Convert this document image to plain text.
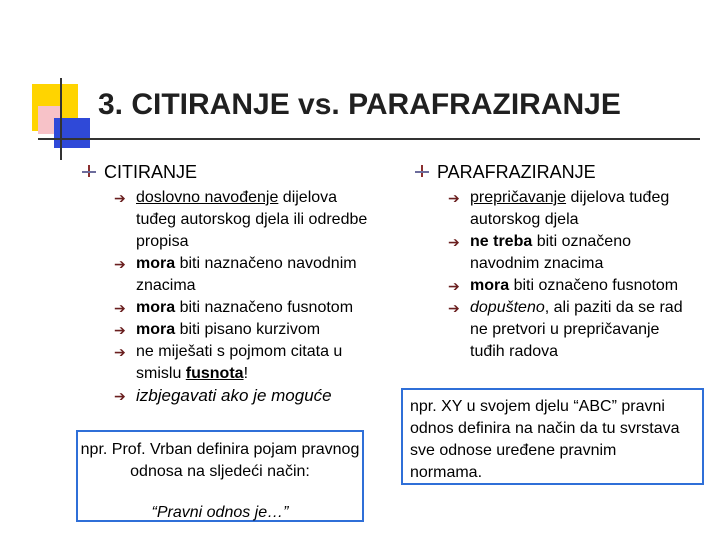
3. CITIRANJE vs. PARAFRAZIRANJE
CITIRANJE
➔ doslovno navođenje dijelova tuđeg autorskog djela ili odredbe propisa
➔ mora biti naznačeno navodnim znacima
➔ mora biti naznačeno fusnotom
➔ mora biti pisano kurzivom
➔ ne miješati s pojmom citata u smislu fusnota!
➔ izbjegavati ako je moguće
PARAFRAZIRANJE
➔ prepričavanje dijelova tuđeg autorskog djela
➔ ne treba biti označeno navodnim znacima
➔ mora biti označeno fusnotom
➔ dopušteno, ali paziti da se rad ne pretvori u prepričavanje tuđih radova
npr. Prof. Vrban definira pojam pravnog odnosa na sljedeći način:
“Pravni odnos je…”
npr. XY u svojem djelu “ABC” pravni odnos definira na način da tu svrstava sve odnose uređene pravnim normama.
